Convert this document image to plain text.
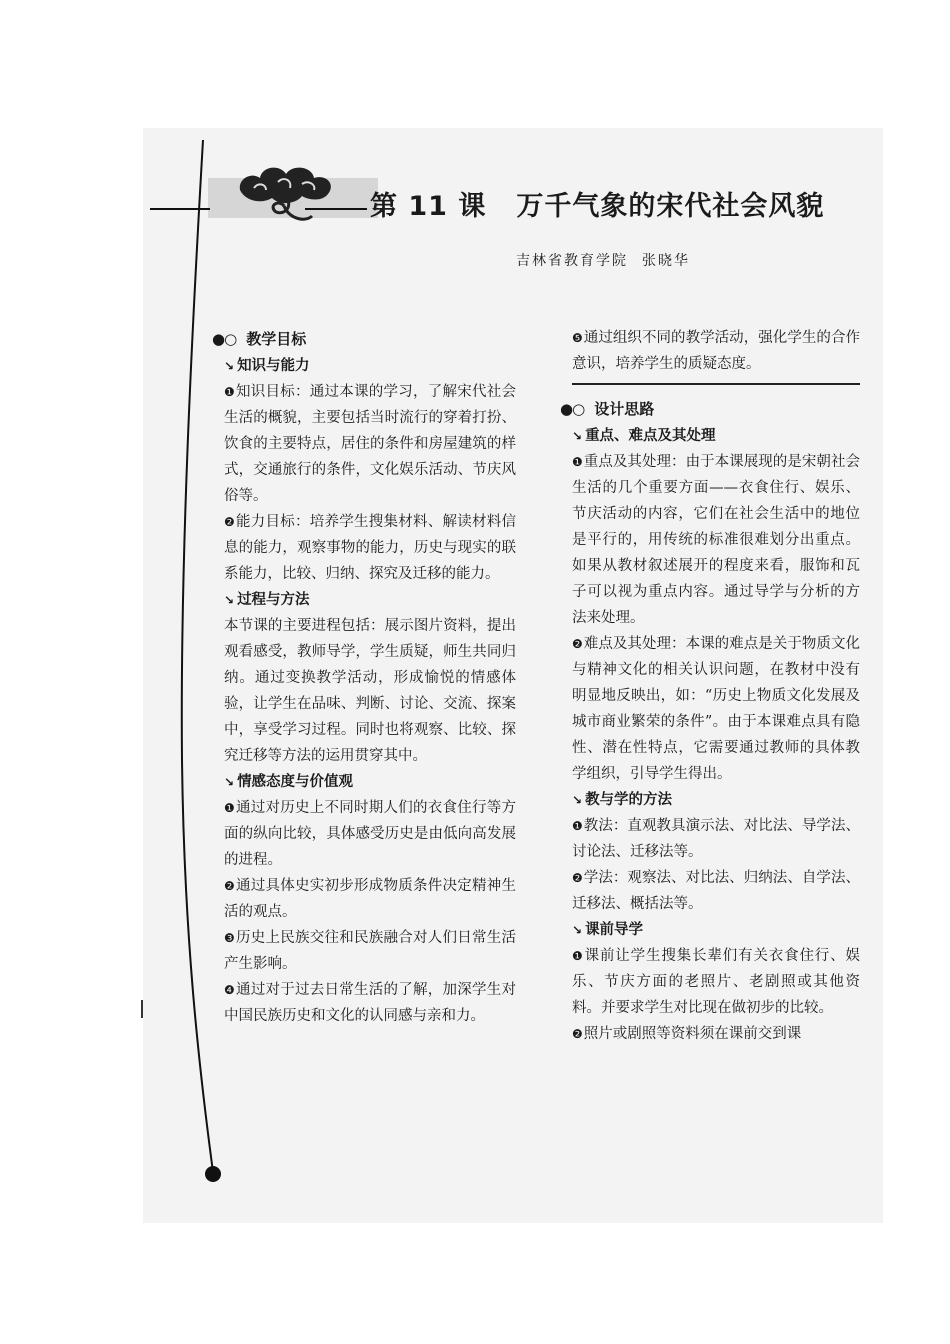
第 11 课 万千气象的宋代社会风貌
吉林省教育学院 张晓华
●○ 教学目标
↘ 知识与能力

❶知识目标：通过本课的学习，了解宋代社会生活的概貌，主要包括当时流行的穿着打扮、饮食的主要特点，居住的条件和房屋建筑的样式，交通旅行的条件，文化娱乐活动、节庆风俗等。

❷能力目标：培养学生搜集材料、解读材料信息的能力，观察事物的能力，历史与现实的联系能力，比较、归纳、探究及迁移的能力。

↘ 过程与方法

本节课的主要进程包括：展示图片资料，提出观看感受，教师导学，学生质疑，师生共同归纳。通过变换教学活动，形成愉悦的情感体验，让学生在品味、判断、讨论、交流、探案中，享受学习过程。同时也将观察、比较、探究迁移等方法的运用贯穿其中。

↘ 情感态度与价值观

❶通过对历史上不同时期人们的衣食住行等方面的纵向比较，具体感受历史是由低向高发展的进程。

❷通过具体史实初步形成物质条件决定精神生活的观点。

❸历史上民族交往和民族融合对人们日常生活产生影响。

❹通过对于过去日常生活的了解，加深学生对中国民族历史和文化的认同感与亲和力。

❺通过组织不同的教学活动，强化学生的合作意识，培养学生的质疑态度。

●○ 设计思路
↘ 重点、难点及其处理

❶重点及其处理：由于本课展现的是宋朝社会生活的几个重要方面——衣食住行、娱乐、节庆活动的内容，它们在社会生活中的地位是平行的，用传统的标准很难划分出重点。如果从教材叙述展开的程度来看，服饰和瓦子可以视为重点内容。通过导学与分析的方法来处理。

❷难点及其处理：本课的难点是关于物质文化与精神文化的相关认识问题，在教材中没有明显地反映出，如：“历史上物质文化发展及城市商业繁荣的条件”。由于本课难点具有隐性、潜在性特点，它需要通过教师的具体教学组织，引导学生得出。

↘ 教与学的方法

❶教法：直观教具演示法、对比法、导学法、讨论法、迁移法等。

❷学法：观察法、对比法、归纳法、自学法、迁移法、概括法等。

↘ 课前导学

❶课前让学生搜集长辈们有关衣食住行、娱乐、节庆方面的老照片、老剧照或其他资料。并要求学生对比现在做初步的比较。

❷照片或剧照等资料须在课前交到课
